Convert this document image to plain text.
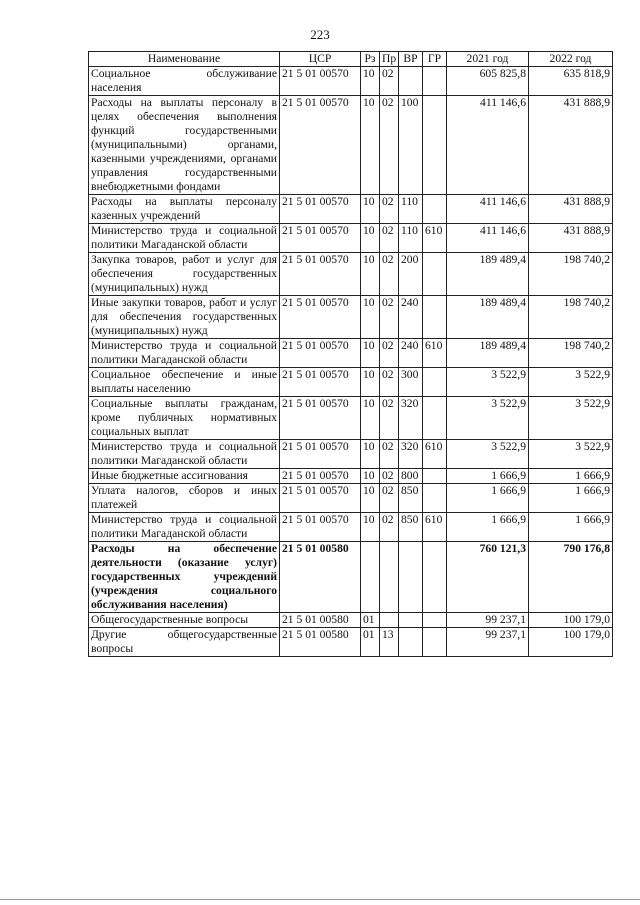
223
Наименование	ЦСР	Рз	Пр	ВР	ГР	2021 год	2022 год
Социальное обслуживание населения	21 5 01 00570	10	02			605 825,8	635 818,9
Расходы на выплаты персоналу в целях обеспечения выполнения функций государственными (муниципальными) органами, казенными учреждениями, органами управления государственными внебюджетными фондами	21 5 01 00570	10	02	100		411 146,6	431 888,9
Расходы на выплаты персоналу казенных учреждений	21 5 01 00570	10	02	110		411 146,6	431 888,9
Министерство труда и социальной политики Магаданской области	21 5 01 00570	10	02	110	610	411 146,6	431 888,9
Закупка товаров, работ и услуг для обеспечения государственных (муниципальных) нужд	21 5 01 00570	10	02	200		189 489,4	198 740,2
Иные закупки товаров, работ и услуг для обеспечения государственных (муниципальных) нужд	21 5 01 00570	10	02	240		189 489,4	198 740,2
Министерство труда и социальной политики Магаданской области	21 5 01 00570	10	02	240	610	189 489,4	198 740,2
Социальное обеспечение и иные выплаты населению	21 5 01 00570	10	02	300		3 522,9	3 522,9
Социальные выплаты гражданам, кроме публичных нормативных социальных выплат	21 5 01 00570	10	02	320		3 522,9	3 522,9
Министерство труда и социальной политики Магаданской области	21 5 01 00570	10	02	320	610	3 522,9	3 522,9
Иные бюджетные ассигнования	21 5 01 00570	10	02	800		1 666,9	1 666,9
Уплата налогов, сборов и иных платежей	21 5 01 00570	10	02	850		1 666,9	1 666,9
Министерство труда и социальной политики Магаданской области	21 5 01 00570	10	02	850	610	1 666,9	1 666,9
Расходы на обеспечение деятельности (оказание услуг) государственных учреждений (учреждения социального обслуживания населения)	21 5 01 00580					760 121,3	790 176,8
Общегосударственные вопросы	21 5 01 00580	01				99 237,1	100 179,0
Другие общегосударственные вопросы	21 5 01 00580	01	13			99 237,1	100 179,0
